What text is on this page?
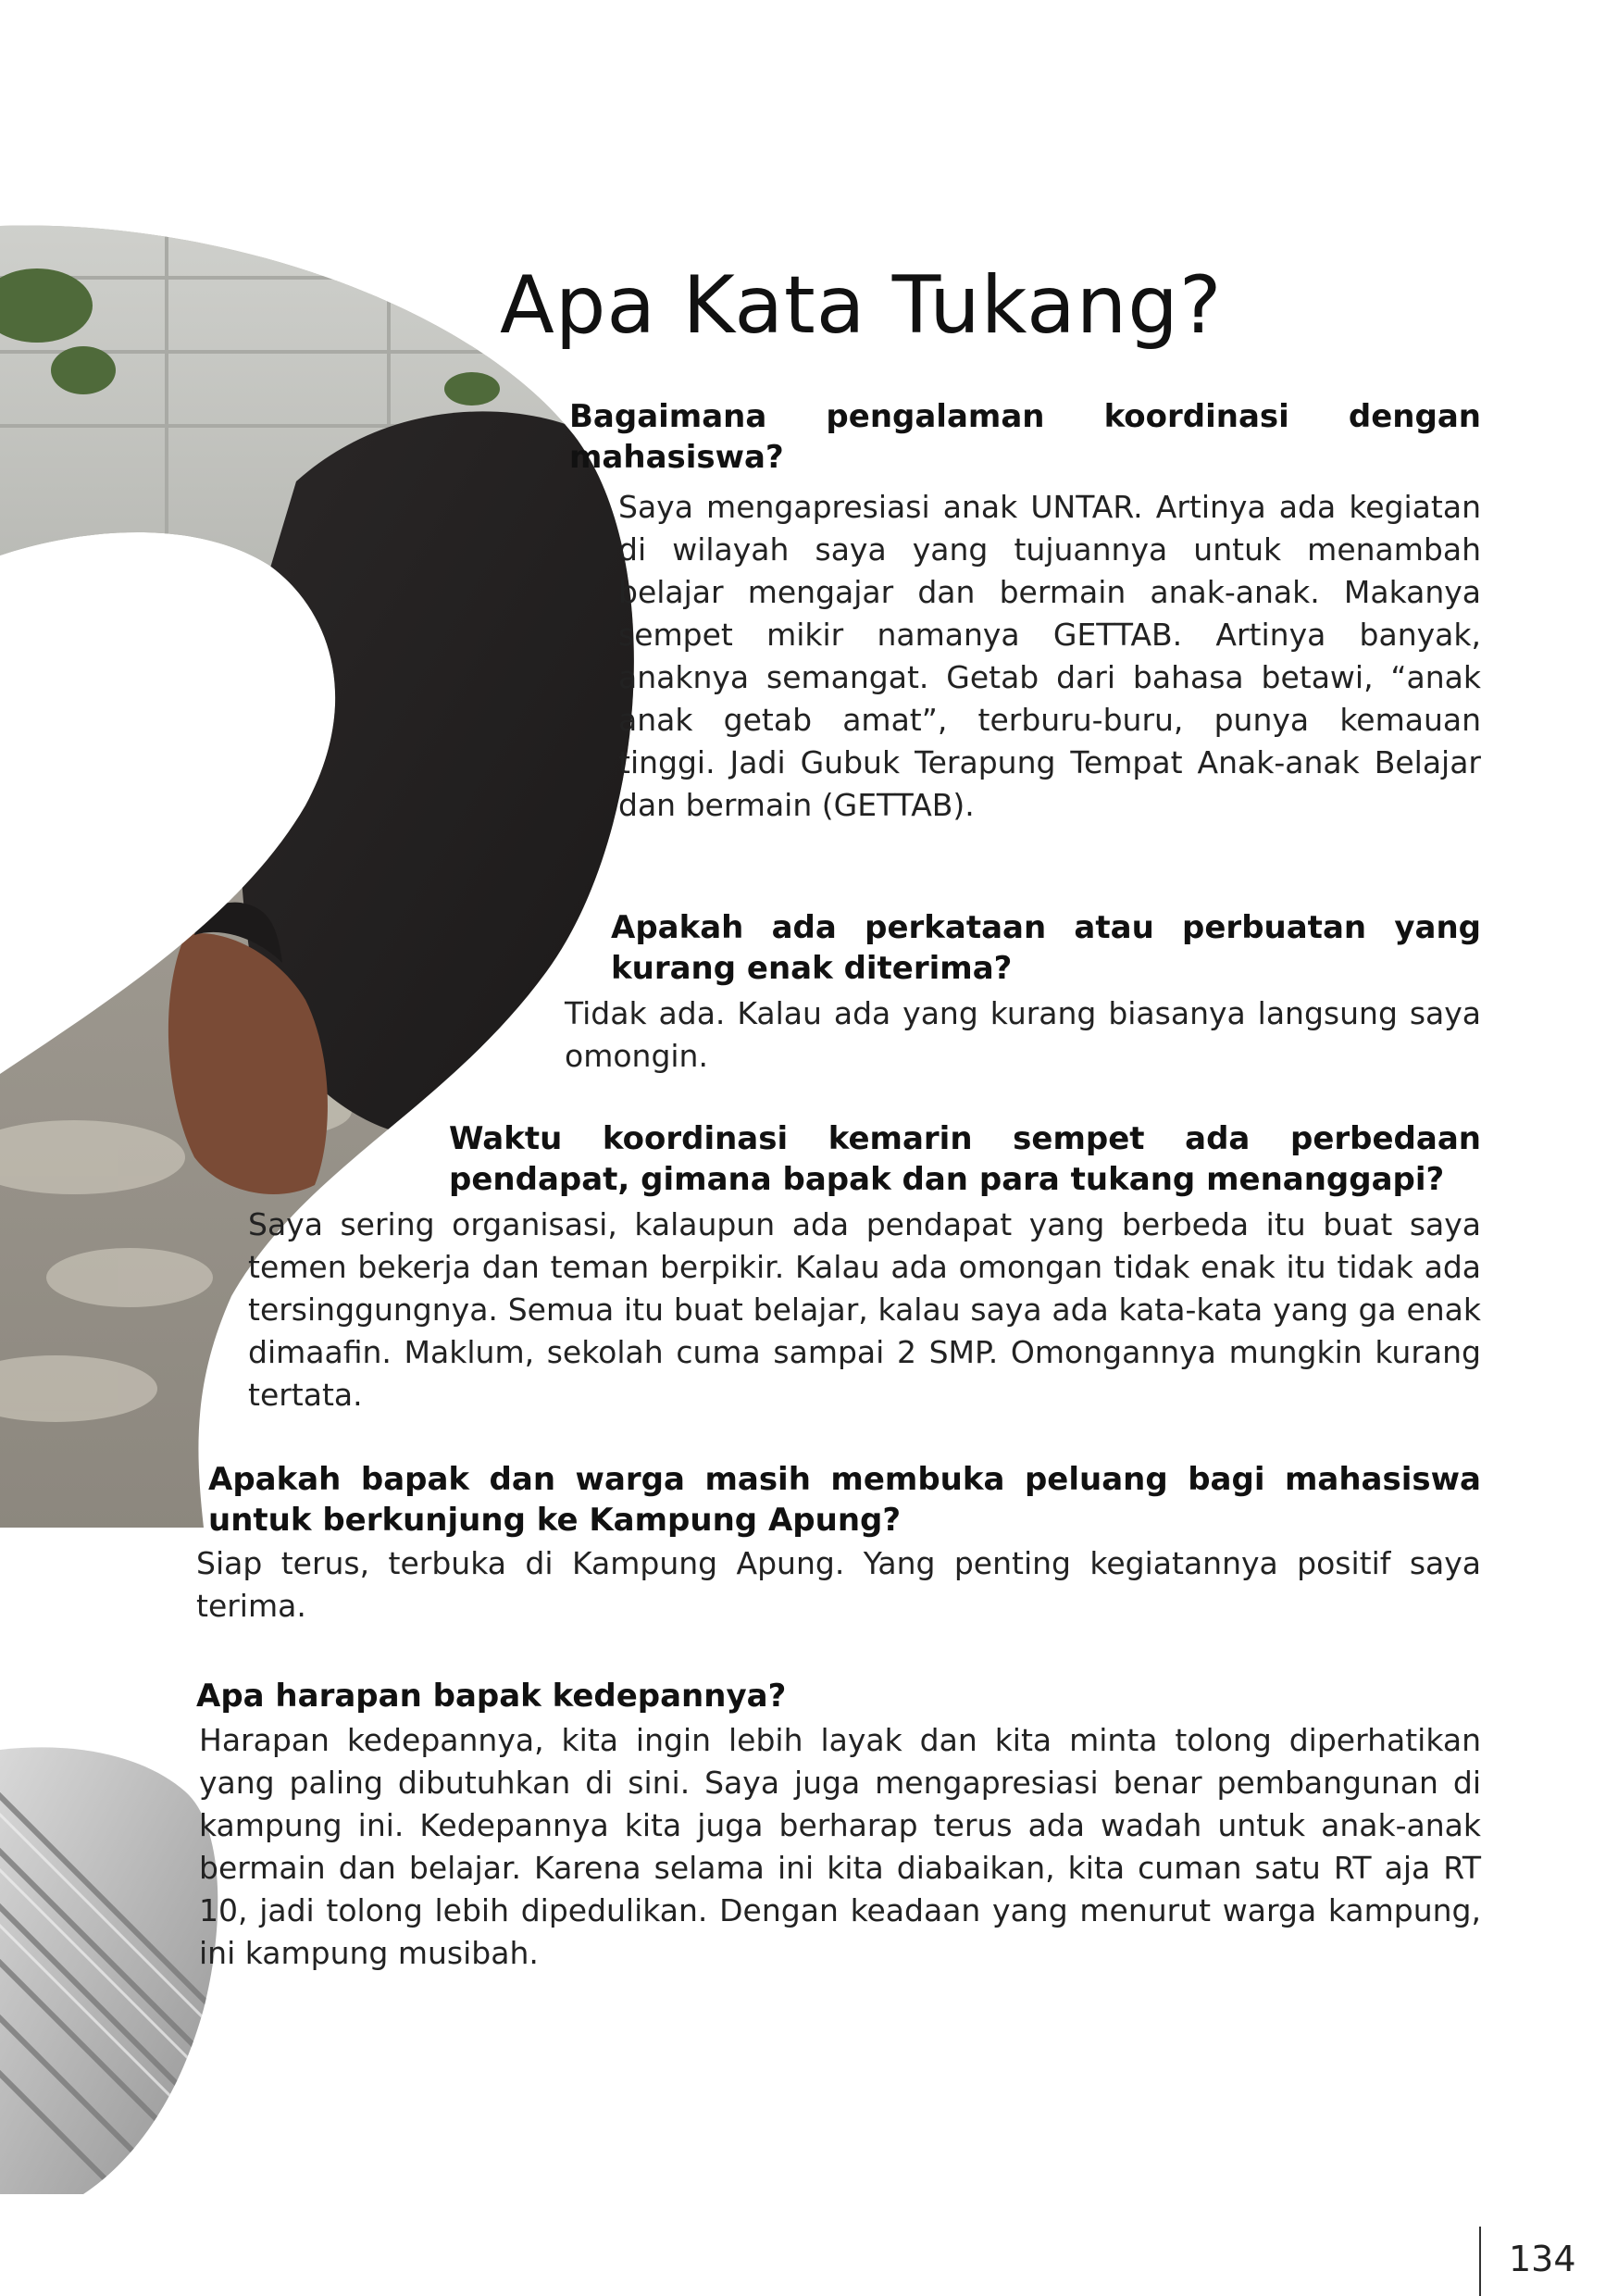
Apa Kata Tukang?

Bagaimana pengalaman koordinasi dengan mahasiswa?

Saya mengapresiasi anak UNTAR. Artinya ada kegiatan di wilayah saya yang tujuannya untuk menambah belajar mengajar dan bermain anak-anak. Makanya sempet mikir namanya GETTAB. Artinya banyak, anaknya semangat. Getab dari bahasa betawi, “anak anak getab amat”, terburu-buru, punya kemauan tinggi. Jadi Gubuk Terapung Tempat Anak-anak Belajar dan bermain (GETTAB).

Apakah ada perkataan atau perbuatan yang kurang enak diterima?

Tidak ada. Kalau ada yang kurang biasanya langsung saya omongin.

Waktu koordinasi kemarin sempet ada perbedaan pendapat, gimana bapak dan para tukang menanggapi?

Saya sering organisasi, kalaupun ada pendapat yang berbeda itu buat saya temen bekerja dan teman berpikir. Kalau ada omongan tidak enak itu tidak ada tersinggungnya. Semua itu buat belajar, kalau saya ada kata-kata yang ga enak dimaafin. Maklum, sekolah cuma sampai 2 SMP. Omongannya mungkin kurang tertata.

Apakah bapak dan warga masih membuka peluang bagi mahasiswa untuk berkunjung ke Kampung Apung?

Siap terus, terbuka di Kampung Apung. Yang penting kegiatannya positif saya terima.

Apa harapan bapak kedepannya?

Harapan kedepannya, kita ingin lebih layak dan kita minta tolong diperhatikan yang paling dibutuhkan di sini. Saya juga mengapresiasi benar pembangunan di kampung ini. Kedepannya kita juga berharap terus ada wadah untuk anak-anak bermain dan belajar. Karena selama ini kita diabaikan, kita cuman satu RT aja RT 10, jadi tolong lebih dipedulikan. Dengan keadaan yang menurut warga kampung, ini kampung musibah.

134
